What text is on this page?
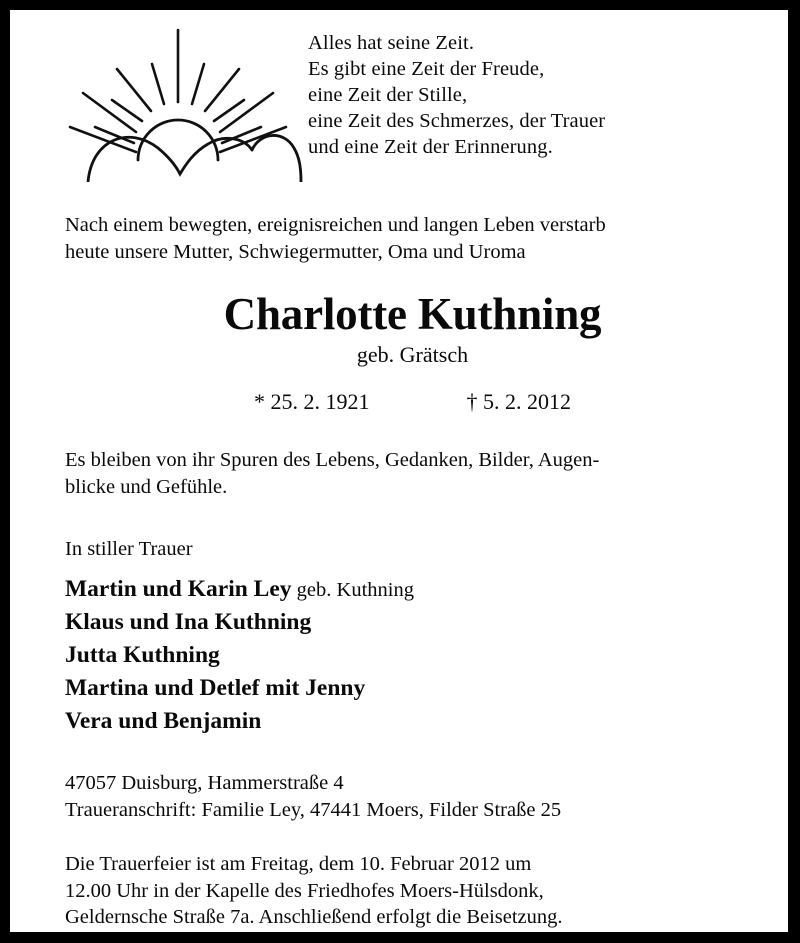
Alles hat seine Zeit.
Es gibt eine Zeit der Freude,
eine Zeit der Stille,
eine Zeit des Schmerzes, der Trauer
und eine Zeit der Erinnerung.
Nach einem bewegten, ereignisreichen und langen Leben verstarb
heute unsere Mutter, Schwiegermutter, Oma und Uroma
Charlotte Kuthning
geb. Grätsch
* 25. 2. 1921	† 5. 2. 2012
Es bleiben von ihr Spuren des Lebens, Gedanken, Bilder, Augen-
blicke und Gefühle.
In stiller Trauer
Martin und Karin Ley geb. Kuthning
Klaus und Ina Kuthning
Jutta Kuthning
Martina und Detlef mit Jenny
Vera und Benjamin
47057 Duisburg, Hammerstraße 4
Traueranschrift: Familie Ley, 47441 Moers, Filder Straße 25
Die Trauerfeier ist am Freitag, dem 10. Februar 2012 um
12.00 Uhr in der Kapelle des Friedhofes Moers-Hülsdonk,
Geldernsche Straße 7a. Anschließend erfolgt die Beisetzung.
